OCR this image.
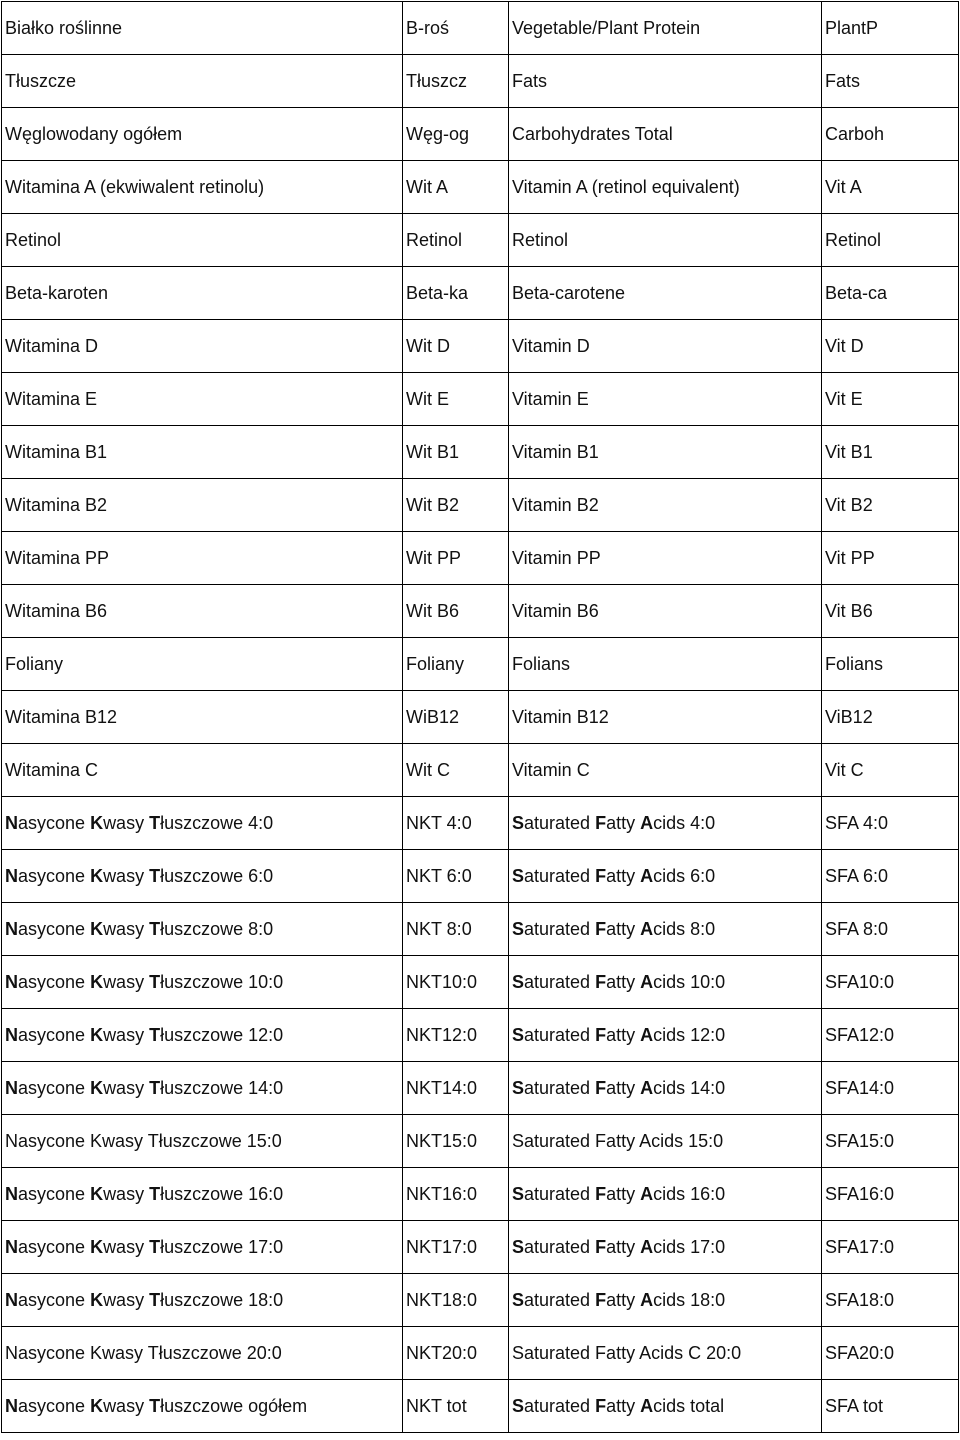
Białko roślinne	B-roś	Vegetable/Plant Protein	PlantP
Tłuszcze	Tłuszcz	Fats	Fats
Węglowodany ogółem	Węg-og	Carbohydrates Total	Carboh
Witamina A (ekwiwalent retinolu)	Wit A	Vitamin A (retinol equivalent)	Vit A
Retinol	Retinol	Retinol	Retinol
Beta-karoten	Beta-ka	Beta-carotene	Beta-ca
Witamina D	Wit D	Vitamin D	Vit D
Witamina E	Wit E	Vitamin E	Vit E
Witamina B1	Wit B1	Vitamin B1	Vit B1
Witamina B2	Wit B2	Vitamin B2	Vit B2
Witamina PP	Wit PP	Vitamin PP	Vit PP
Witamina B6	Wit B6	Vitamin B6	Vit B6
Foliany	Foliany	Folians	Folians
Witamina B12	WiB12	Vitamin B12	ViB12
Witamina C	Wit C	Vitamin C	Vit C
Nasycone Kwasy Tłuszczowe 4:0	NKT 4:0	Saturated Fatty Acids 4:0	SFA 4:0
Nasycone Kwasy Tłuszczowe 6:0	NKT 6:0	Saturated Fatty Acids 6:0	SFA 6:0
Nasycone Kwasy Tłuszczowe 8:0	NKT 8:0	Saturated Fatty Acids 8:0	SFA 8:0
Nasycone Kwasy Tłuszczowe 10:0	NKT10:0	Saturated Fatty Acids 10:0	SFA10:0
Nasycone Kwasy Tłuszczowe 12:0	NKT12:0	Saturated Fatty Acids 12:0	SFA12:0
Nasycone Kwasy Tłuszczowe 14:0	NKT14:0	Saturated Fatty Acids 14:0	SFA14:0
Nasycone Kwasy Tłuszczowe 15:0	NKT15:0	Saturated Fatty Acids 15:0	SFA15:0
Nasycone Kwasy Tłuszczowe 16:0	NKT16:0	Saturated Fatty Acids 16:0	SFA16:0
Nasycone Kwasy Tłuszczowe 17:0	NKT17:0	Saturated Fatty Acids 17:0	SFA17:0
Nasycone Kwasy Tłuszczowe 18:0	NKT18:0	Saturated Fatty Acids 18:0	SFA18:0
Nasycone Kwasy Tłuszczowe 20:0	NKT20:0	Saturated Fatty Acids C 20:0	SFA20:0
Nasycone Kwasy Tłuszczowe ogółem	NKT tot	Saturated Fatty Acids total	SFA tot
